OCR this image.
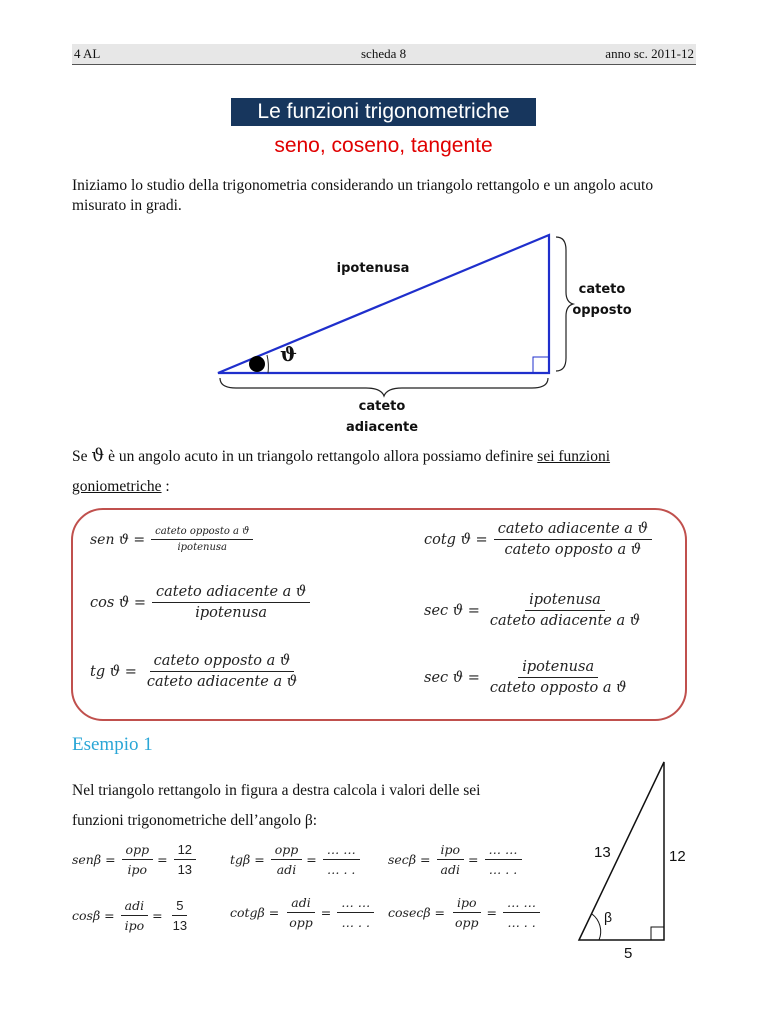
4 AL	scheda 8	anno sc. 2011-12
Le funzioni trigonometriche
seno, coseno, tangente
Iniziamo lo studio della trigonometria considerando un triangolo rettangolo e un angolo acuto misurato in gradi.
ipotenusa
cateto
opposto
cateto
adiacente
ϑ
Se ϑ è un angolo acuto in un triangolo rettangolo allora possiamo definire sei funzioni
goniometriche :
sen $ϑ = \frac{\text{cateto opposto a ϑ}}{\text{ipotenusa}}$	cotg $ϑ = \frac{\text{cateto adiacente a ϑ}}{\text{cateto opposto a ϑ}}$
$\cos ϑ = \frac{\text{cateto adiacente a ϑ}}{\text{ipotenusa}}$	$\sec ϑ = \frac{\text{ipotenusa}}{\text{cateto adiacente a ϑ}}$
tg $ϑ = \frac{\text{cateto opposto a ϑ}}{\text{cateto adiacente a ϑ}}$	$\sec ϑ = \frac{\text{ipotenusa}}{\text{cateto opposto a ϑ}}$
Esempio 1
Nel triangolo rettangolo in figura a destra calcola i valori delle sei
funzioni trigonometriche dell’angolo β:
$sen\beta = \frac{\text{opp}}{\text{ipo}} = \frac{12}{13}$	$tg\beta = \frac{\text{opp}}{\text{adi}} = \frac{\dots \dots}{\dots . .}$ $\sec\beta = \frac{\text{ipo}}{\text{adi}} = \frac{\dots \dots}{\dots . .}$
$\cos\beta = \frac{\text{adi}}{\text{ipo}} = \frac{5}{13}$	$\cot g\beta = \frac{\text{adi}}{\text{opp}} = \frac{\dots \dots}{\dots . .}$ $cosec\beta = \frac{\text{ipo}}{\text{opp}} = \frac{\dots \dots}{\dots . .}$
13	12
5
β
